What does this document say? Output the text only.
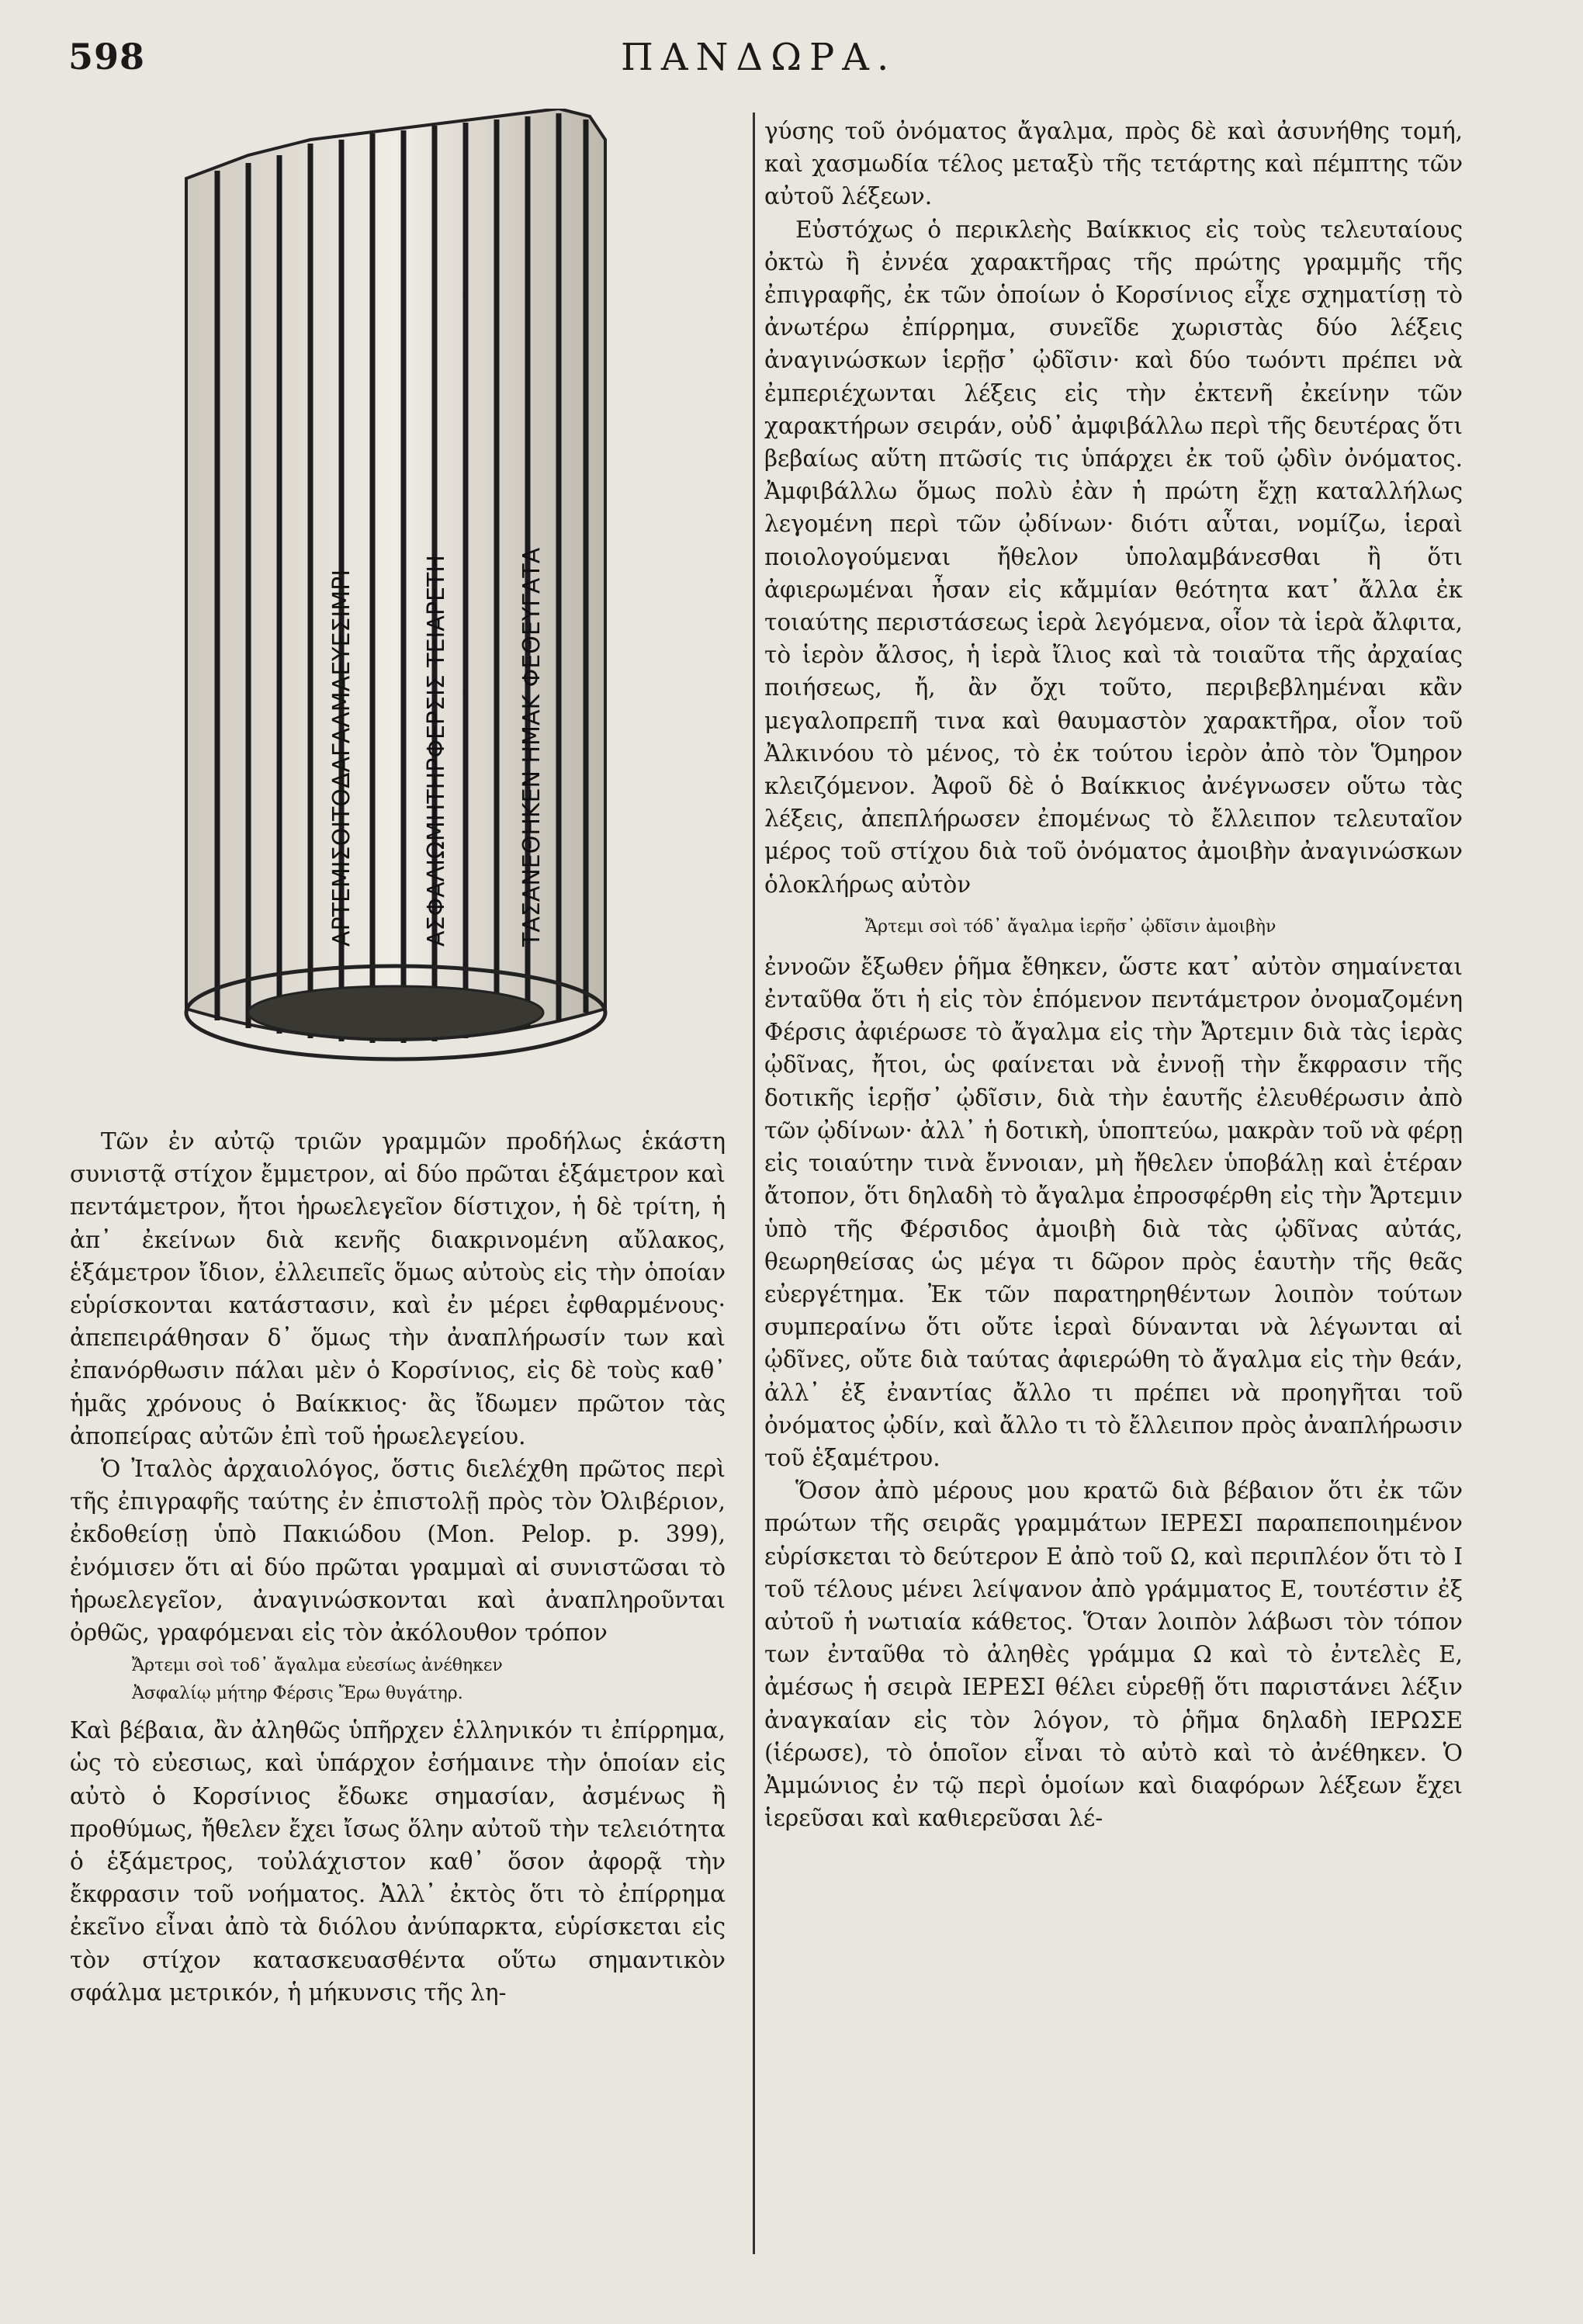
598	ΠΑΝΔΩΡΑ.
ΑΡΤΕΜΙΣΟΙΤΟΔΑΓΑΛΜΑΕΥΕΣΙΜΡΙ	ΑΣΦΑΛΙΩΜΗΤΗΡΦΕΡΣΙΣ ΤΕΙΑΡΕΤΗ	ΤΑΣΑΝΕΘΗΚΕΝ ΗΜΑΚ ΦΕΘΕΥΓΑΤΑ

Τῶν ἐν αὐτῷ τριῶν γραμμῶν προδήλως ἑκάστη συνιστᾷ στίχον ἔμμετρον, αἱ δύο πρῶται ἑξάμετρον καὶ πεντάμετρον, ἤτοι ἡρωελεγεῖον δίστιχον, ἡ δὲ τρίτη, ἡ ἀπ᾿ ἐκείνων διὰ κενῆς διακρινομένη αὔλακος, ἑξάμετρον ἴδιον, ἐλλειπεῖς ὅμως αὐτοὺς εἰς τὴν ὁποίαν εὑρίσκονται κατάστασιν, καὶ ἐν μέρει ἐφθαρμένους· ἀπεπειράθησαν δ᾿ ὅμως τὴν ἀναπλήρωσίν των καὶ ἐπανόρθωσιν πάλαι μὲν ὁ Κορσίνιος, εἰς δὲ τοὺς καθ᾿ ἡμᾶς χρόνους ὁ Βαίκκιος· ἂς ἴδωμεν πρῶτον τὰς ἀποπείρας αὐτῶν ἐπὶ τοῦ ἡρωελεγείου.

Ὁ Ἰταλὸς ἀρχαιολόγος, ὅστις διελέχθη πρῶτος περὶ τῆς ἐπιγραφῆς ταύτης ἐν ἐπιστολῇ πρὸς τὸν Ὀλιβέριον, ἐκδοθείσῃ ὑπὸ Πακιώδου (Mon. Pelop. p. 399), ἐνόμισεν ὅτι αἱ δύο πρῶται γραμμαὶ αἱ συνιστῶσαι τὸ ἡρωελεγεῖον, ἀναγινώσκονται καὶ ἀναπληροῦνται ὀρθῶς, γραφόμεναι εἰς τὸν ἀκόλουθον τρόπον

Ἄρτεμι σοὶ τοδ᾿ ἄγαλμα εὐεσίως ἀνέθηκεν
Ἀσφαλίῳ μήτηρ Φέρσις Ἔρω θυγάτηρ.

Καὶ βέβαια, ἂν ἀληθῶς ὑπῆρχεν ἑλληνικόν τι ἐπίρρημα, ὡς τὸ εὐεσιως, καὶ ὑπάρχον ἐσήμαινε τὴν ὁποίαν εἰς αὐτὸ ὁ Κορσίνιος ἔδωκε σημασίαν, ἀσμένως ἢ προθύμως, ἤθελεν ἔχει ἴσως ὅλην αὐτοῦ τὴν τελειότητα ὁ ἑξάμετρος, τοὐλάχιστον καθ᾿ ὅσον ἀφορᾷ τὴν ἔκφρασιν τοῦ νοήματος. Ἀλλ᾿ ἐκτὸς ὅτι τὸ ἐπίρρημα ἐκεῖνο εἶναι ἀπὸ τὰ διόλου ἀνύπαρκτα, εὑρίσκεται εἰς τὸν στίχον κατασκευασθέντα οὕτω σημαντικὸν σφάλμα μετρικόν, ἡ μήκυνσις τῆς λη-

γύσης τοῦ ὀνόματος ἄγαλμα, πρὸς δὲ καὶ ἀσυνήθης τομή, καὶ χασμωδία τέλος μεταξὺ τῆς τετάρτης καὶ πέμπτης τῶν αὐτοῦ λέξεων.

Εὐστόχως ὁ περικλεὴς Βαίκκιος εἰς τοὺς τελευταίους ὀκτὼ ἢ ἐννέα χαρακτῆρας τῆς πρώτης γραμμῆς τῆς ἐπιγραφῆς, ἐκ τῶν ὁποίων ὁ Κορσίνιος εἶχε σχηματίσῃ τὸ ἀνωτέρω ἐπίρρημα, συνεῖδε χωριστὰς δύο λέξεις ἀναγινώσκων ἱερῇσ᾿ ᾠδῖσιν· καὶ δύο τωόντι πρέπει νὰ ἐμπεριέχωνται λέξεις εἰς τὴν ἐκτενῆ ἐκείνην τῶν χαρακτήρων σειράν, οὐδ᾿ ἀμφιβάλλω περὶ τῆς δευτέρας ὅτι βεβαίως αὕτη πτῶσίς τις ὑπάρχει ἐκ τοῦ ᾠδὶν ὀνόματος. Ἀμφιβάλλω ὅμως πολὺ ἐὰν ἡ πρώτη ἔχῃ καταλλήλως λεγομένη περὶ τῶν ᾠδίνων· διότι αὗται, νομίζω, ἱεραὶ ποιολογούμεναι ἤθελον ὑπολαμβάνεσθαι ἢ ὅτι ἀφιερωμέναι ἦσαν εἰς κἄμμίαν θεότητα κατ᾿ ἄλλα ἐκ τοιαύτης περιστάσεως ἱερὰ λεγόμενα, οἷον τὰ ἱερὰ ἄλφιτα, τὸ ἱερὸν ἄλσος, ἡ ἱερὰ ἴλιος καὶ τὰ τοιαῦτα τῆς ἀρχαίας ποιήσεως, ἤ, ἂν ὄχι τοῦτο, περιβεβλημέναι κἂν μεγαλοπρεπῆ τινα καὶ θαυμαστὸν χαρακτῆρα, οἷον τοῦ Ἀλκινόου τὸ μένος, τὸ ἐκ τούτου ἱερὸν ἀπὸ τὸν Ὅμηρον κλειζόμενον. Ἀφοῦ δὲ ὁ Βαίκκιος ἀνέγνωσεν οὕτω τὰς λέξεις, ἀπεπλήρωσεν ἐπομένως τὸ ἔλλειπον τελευταῖον μέρος τοῦ στίχου διὰ τοῦ ὀνόματος ἀμοιβὴν ἀναγινώσκων ὁλοκλήρως αὐτὸν

Ἄρτεμι σοὶ τόδ᾿ ἄγαλμα ἱερῆσ᾿ ᾠδῖσιν ἀμοιβὴν

ἐννοῶν ἔξωθεν ῥῆμα ἔθηκεν, ὥστε κατ᾿ αὐτὸν σημαίνεται ἐνταῦθα ὅτι ἡ εἰς τὸν ἑπόμενον πεντάμετρον ὀνομαζομένη Φέρσις ἀφιέρωσε τὸ ἄγαλμα εἰς τὴν Ἄρτεμιν διὰ τὰς ἱερὰς ᾠδῖνας, ἤτοι, ὡς φαίνεται νὰ ἐννοῇ τὴν ἔκφρασιν τῆς δοτικῆς ἱερῇσ᾿ ᾠδῖσιν, διὰ τὴν ἑαυτῆς ἐλευθέρωσιν ἀπὸ τῶν ᾠδίνων· ἀλλ᾿ ἡ δοτικὴ, ὑποπτεύω, μακρὰν τοῦ νὰ φέρῃ εἰς τοιαύτην τινὰ ἔννοιαν, μὴ ἤθελεν ὑποβάλῃ καὶ ἑτέραν ἄτοπον, ὅτι δηλαδὴ τὸ ἄγαλμα ἐπροσφέρθη εἰς τὴν Ἄρτεμιν ὑπὸ τῆς Φέρσιδος ἀμοιβὴ διὰ τὰς ᾠδῖνας αὐτάς, θεωρηθείσας ὡς μέγα τι δῶρον πρὸς ἑαυτὴν τῆς θεᾶς εὐεργέτημα. Ἐκ τῶν παρατηρηθέντων λοιπὸν τούτων συμπεραίνω ὅτι οὔτε ἱεραὶ δύνανται νὰ λέγωνται αἱ ᾠδῖνες, οὔτε διὰ ταύτας ἀφιερώθη τὸ ἄγαλμα εἰς τὴν θεάν, ἀλλ᾿ ἐξ ἐναντίας ἄλλο τι πρέπει νὰ προηγῆται τοῦ ὀνόματος ᾠδίν, καὶ ἄλλο τι τὸ ἔλλειπον πρὸς ἀναπλήρωσιν τοῦ ἑξαμέτρου.

Ὅσον ἀπὸ μέρους μου κρατῶ διὰ βέβαιον ὅτι ἐκ τῶν πρώτων τῆς σειρᾶς γραμμάτων ΙΕΡΕΣΙ παραπεποιημένον εὑρίσκεται τὸ δεύτερον Ε ἀπὸ τοῦ Ω, καὶ περιπλέον ὅτι τὸ Ι τοῦ τέλους μένει λείψανον ἀπὸ γράμματος Ε, τουτέστιν ἐξ αὐτοῦ ἡ νωτιαία κάθετος. Ὅταν λοιπὸν λάβωσι τὸν τόπον των ἐνταῦθα τὸ ἀληθὲς γράμμα Ω καὶ τὸ ἐντελὲς Ε, ἀμέσως ἡ σειρὰ ΙΕΡΕΣΙ θέλει εὑρεθῇ ὅτι παριστάνει λέξιν ἀναγκαίαν εἰς τὸν λόγον, τὸ ῥῆμα δηλαδὴ ΙΕΡΩΣΕ (ἱέρωσε), τὸ ὁποῖον εἶναι τὸ αὐτὸ καὶ τὸ ἀνέθηκεν. Ὁ Ἀμμώνιος ἐν τῷ περὶ ὁμοίων καὶ διαφόρων λέξεων ἔχει ἱερεῦσαι καὶ καθιερεῦσαι λέ-
